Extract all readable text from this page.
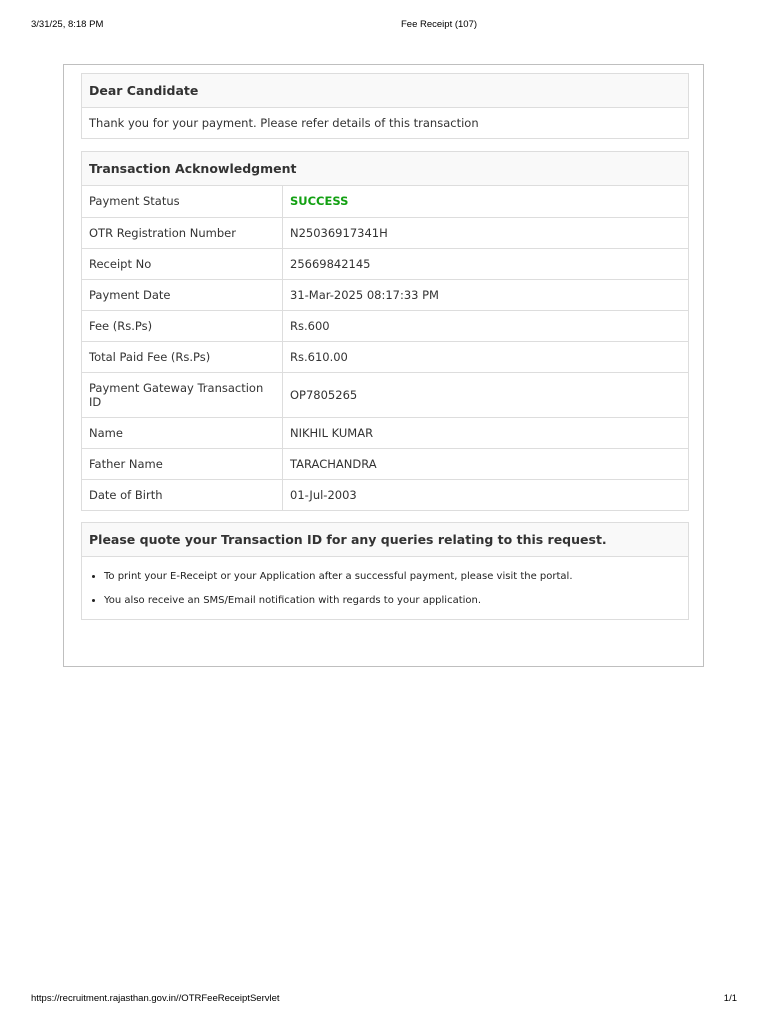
3/31/25, 8:18 PM	Fee Receipt (107)
Dear Candidate
Thank you for your payment. Please refer details of this transaction
Transaction Acknowledgment
Payment Status	SUCCESS
OTR Registration Number	N25036917341H
Receipt No	25669842145
Payment Date	31-Mar-2025 08:17:33 PM
Fee (Rs.Ps)	Rs.600
Total Paid Fee (Rs.Ps)	Rs.610.00
Payment Gateway Transaction ID	OP7805265
Name	NIKHIL KUMAR
Father Name	TARACHANDRA
Date of Birth	01-Jul-2003
Please quote your Transaction ID for any queries relating to this request.
• To print your E-Receipt or your Application after a successful payment, please visit the portal.
• You also receive an SMS/Email notification with regards to your application.
https://recruitment.rajasthan.gov.in//OTRFeeReceiptServlet	1/1
